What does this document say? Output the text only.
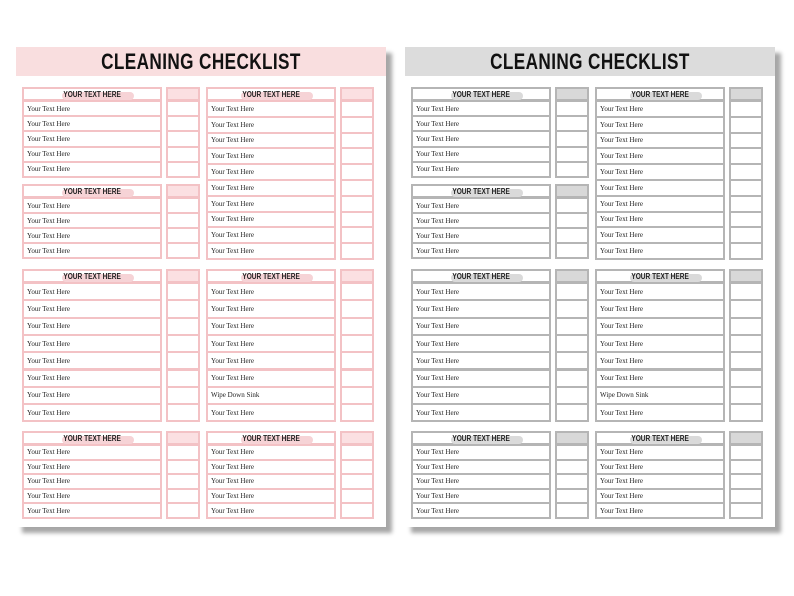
CLEANING CHECKLIST
YOUR TEXT HERE
Your Text Here
Your Text Here
Your Text Here
Your Text Here
Your Text Here
YOUR TEXT HERE
Your Text Here
Your Text Here
Your Text Here
Your Text Here
Your Text Here
Your Text Here
Your Text Here
Your Text Here
Your Text Here
Your Text Here
YOUR TEXT HERE
Your Text Here
Your Text Here
Your Text Here
Your Text Here
YOUR TEXT HERE
Your Text Here
Your Text Here
Your Text Here
Your Text Here
Your Text Here
Your Text Here
Your Text Here
Your Text Here
YOUR TEXT HERE
Your Text Here
Your Text Here
Your Text Here
Your Text Here
Your Text Here
Your Text Here
Wipe Down Sink
Your Text Here
YOUR TEXT HERE
Your Text Here
Your Text Here
Your Text Here
Your Text Here
Your Text Here
YOUR TEXT HERE
Your Text Here
Your Text Here
Your Text Here
Your Text Here
Your Text Here
CLEANING CHECKLIST
YOUR TEXT HERE
Your Text Here
Your Text Here
Your Text Here
Your Text Here
Your Text Here
YOUR TEXT HERE
Your Text Here
Your Text Here
Your Text Here
Your Text Here
Your Text Here
Your Text Here
Your Text Here
Your Text Here
Your Text Here
Your Text Here
YOUR TEXT HERE
Your Text Here
Your Text Here
Your Text Here
Your Text Here
YOUR TEXT HERE
Your Text Here
Your Text Here
Your Text Here
Your Text Here
Your Text Here
Your Text Here
Your Text Here
Your Text Here
YOUR TEXT HERE
Your Text Here
Your Text Here
Your Text Here
Your Text Here
Your Text Here
Your Text Here
Wipe Down Sink
Your Text Here
YOUR TEXT HERE
Your Text Here
Your Text Here
Your Text Here
Your Text Here
Your Text Here
YOUR TEXT HERE
Your Text Here
Your Text Here
Your Text Here
Your Text Here
Your Text Here
